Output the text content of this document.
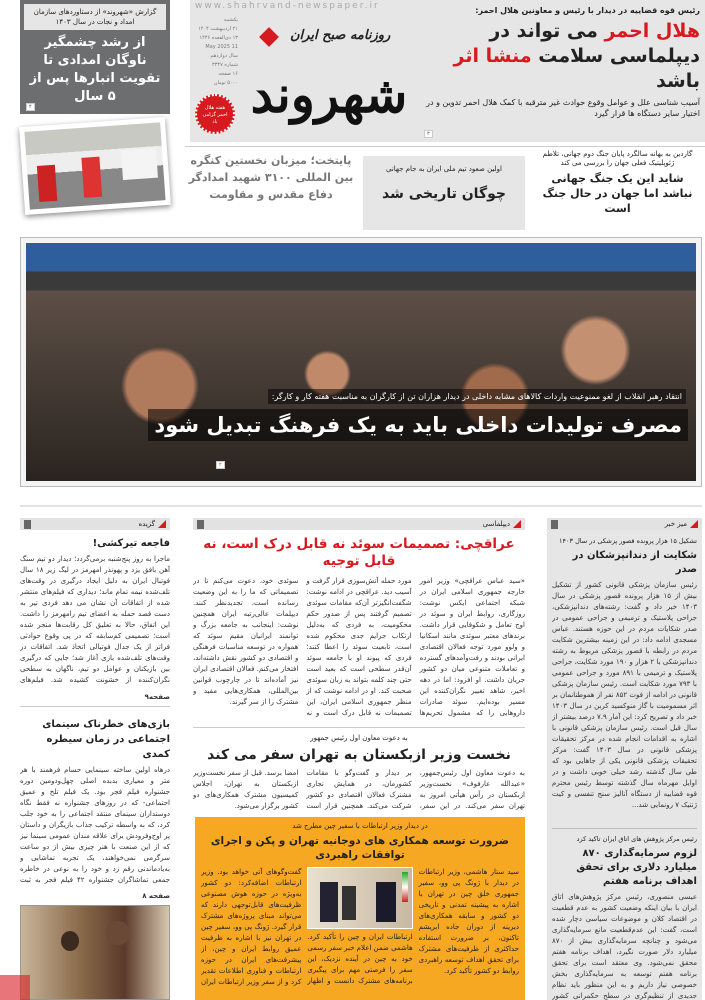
گزارش «شهروند» از دستاوردهای سازمان امداد و نجات در سال ۱۴۰۳
از رشد چشمگیر ناوگان امدادی تا تقویت انبارها پس از ۵ سال
۴
www.shahrvand-newspaper.ir
روزنامه صبح ایران
شهروند
یکشنبه
۲۱ اردیبهشت ۱۴۰۴
۱۳ ذی‌القعده ۱۴۴۶
11 May 2025
سال دوازدهم
شماره ۳۳۴۷
۱۶ صفحه
۵۰۰۰ تومان
هفته هلال احمر گرامی باد
رئیس قوه قضاییه در دیدار با رئیس و معاونین هلال احمر:
هلال احمر می تواند در
دیپلماسی سلامت منشا اثر باشد
آسیب شناسی علل و عوامل وقوع حوادث غیر مترقبه با کمک هلال احمر تدوین و در اختیار سایر دستگاه ها قرار گیرد
۳
گاردین به بهانه سالگرد پایان جنگ دوم جهانی، تلاطم ژئوپلیتیک فعلی جهان را بررسی می کند
شاید این یک جنگ جهانی نباشد اما جهان در حال جنگ است
اولین صعود تیم ملی ایران به جام جهانی
چوگان تاریخی شد
پایتخت؛ میزبان نخستین کنگره بین المللی ۳۱۰۰ شهید امدادگر دفاع مقدس و مقاومت
انتقاد رهبر انقلاب از لغو ممنوعیت واردات کالاهای مشابه داخلی در دیدار هزاران تن از کارگران به مناسبت هفته کار و کارگر:
مصرف تولیدات داخلی باید به یک فرهنگ تبدیل شود
۲
گزیده
فاجعه تیرکشی!
ماجرا به روز پنج‌شنبه برمی‌گردد؛ دیدار دو تیم سنگ آهن بافق یزد و پهونذر امهرمز در لیگ زیر ۱۸ سال فوتبال ایران به دلیل ایجاد درگیری در وقت‌های تلف‌شده نیمه تمام ماند؛ دیداری که فیلم‌های منتشر شده از اتفاقات آن نشان می دهد فردی تیر به دست قصد حمله به اعضای تیم رامهرمز را داشت. این اتفاق، حالا به تعلیق کل رقابت‌ها منجر شده است؛ تصمیمی کم‌سابقه که در پی وقوع حوادثی فراتر از یک جدال فوتبالی اتخاذ شد. اتفاقات در وقت‌های تلف‌شده بازی آغاز شد؛ جایی که درگیری بین بازیکنان و عوامل دو تیم، ناگهان به سطحی نگران‌کننده از خشونت کشیده شد. فیلم‌های
صفحه۹
بازی‌های خطرناک سینمای اجتماعی در زمان سیطره کمدی
درهاه اولین ساخته سینمایی حسام فرهمند با هر متر و معیاری بدبده اصلی چهل‌ودومین دوره جشنواره فیلم فجر بود. یک فیلم تلخ و عمیق اجتماعی- که در روزهای جشنواره نه فقط نگاه دوستداران سینمای منتقد اجتماعی را به خود جلب کرد، که به واسطه ترکیب جذاب بازیگران و داستان پر اوج‌وفرودش برای علاقه مندان عمومی سینما نیز که از این صنعت با هنر چیزی بیش از دو ساعت سرگرمی نمی‌خواهند، یک تجربه تماشایی و به‌یادماندنی رقم زد و خود را به نوعی در خاطره جمعی تماشاگران جشنواره ۴۲ فیلم فجر به ثبت
صفحه ۸
دیپلماسی
عراقچی: تصمیمات سوئد نه قابل درک است، نه قابل توجیه
«سید عباس عراقچی» وزیر امور خارجه جمهوری اسلامی ایران در شبکه اجتماعی ایکس نوشت: روزگاری، روابط ایران و سوئد در اوج تعامل و شکوفایی قرار داشت. برندهای معتبر سوئدی مانند اسکانیا و ولوو مورد توجه فعالان اقتصادی ایرانی بودند و رفت‌وآمدهای گسترده و تعاملات متنوعی میان دو کشور جریان داشت. او افزود: اما در دهه اخیر، شاهد تغییر نگران‌کننده این مسیر بوده‌ایم. سوئد صادرات داروهایی را که مشمول تحریم‌ها
مورد حمله آتش‌سوزی قرار گرفت و آسیب دید. عراقچی در ادامه نوشت: شگفت‌انگیزتر آن‌که مقامات سوئدی تصمیم گرفتند پس از صدور حکم محکومیت، به فردی که به‌دلیل ارتکاب جرایم جدی محکوم شده است، تابعیت سوئد را اعطا کنند؛ فردی که پیوند او با جامعه سوئد آن‌قدر سطحی است که بعید است حتی چند کلمه بتواند به زبان سوئدی صحبت کند. او در ادامه نوشت که از منظر جمهوری اسلامی ایران، این تصمیمات نه قابل درک است و نه
سوئدی خود، دعوت می‌کنم تا در تصمیماتی که ما را به این وضعیت رسانده است، تجدیدنظر کنند. دیپلمات عالی‌رتبه ایران همچنین نوشت: اینجانب به جامعه بزرگ و توانمند ایرانیان مقیم سوئد که همواره در توسعه مناسبات فرهنگی و اقتصادی دو کشور نقش داشته‌اند، افتخار می‌کنم. فعالان اقتصادی ایران نیز آماده‌اند تا در چارچوب قوانین بین‌المللی، همکاری‌هایی مفید و مشترک را از سر گیرند.
به دعوت معاون اول رئیس جمهور
نخست وزیر ازبکستان به تهران سفر می کند
به دعوت معاون اول رئیس‌جمهور، «عبدالله عارفوف» نخست‌وزیر ازبکستان در رأس هیأتی امروز به تهران سفر می‌کند. در این سفر،
بر دیدار و گفت‌وگو با مقامات کشورمان، در همایش تجاری مشترک فعالان اقتصادی دو کشور شرکت می‌کند. همچنین قرار است
امضا برسد. قبل از سفر نخست‌وزیر ازبکستان به تهران، اجلاس کمیسیون مشترک همکاری‌های دو کشور برگزار می‌شود.
در دیدار وزیر ارتباطات با سفیر چین مطرح شد
ضرورت توسعه همکاری های دوجانبه تهران و پکن و اجرای توافقات راهبردی
سید ستار هاشمی، وزیر ارتباطات در دیدار با ژونگ پی وو، سفیر جمهوری خلق چین در تهران با اشاره به پیشینه تمدنی و تاریخی دو کشور و سابقه همکاری‌های دیرینه از دوران جاده ابریشم تاکنون، بر ضرورت استفاده حداکثری از ظرفیت‌های مشترک برای تحقق اهداف توسعه راهبردی روابط دو کشور تأکید کرد.
ارتباطات ایران و چین را تأکید کرد. هاشمی ضمن اعلام خبر سفر رسمی خود به چین در آینده نزدیک، این سفر را فرصتی مهم برای پیگیری برنامه‌های مشترک دانست و اظهار
گفت‌وگوهای آتی خواهد بود. وزیر ارتباطات اضافه‌کرد: دو کشور به‌ویژه در حوزه هوش مصنوعی ظرفیت‌های قابل‌توجهی دارند که می‌تواند مبنای پروژه‌های مشترک قرار گیرد. ژونگ پی وو، سفیر چین در تهران نیز با اشاره به ظرفیت عمیق روابط ایران و چین، از پیشرفت‌های ایران در حوزه ارتباطات و فناوری اطلاعات تقدیر کرد و از سفر وزیر ارتباطات ایران
میز خبر
تشکیل ۱۵ هزار پرونده قصور پزشکی در سال ۱۴۰۳
شکایت از دندانپزشکان در صدر
رئیس سازمان پزشکی قانونی کشور از تشکیل بیش از ۱۵ هزار پرونده قصور پزشکی در سال ۱۴۰۳ خبر داد و گفت: رشته‌های دندانپزشکی، جراحی پلاستیک و ترمیمی و جراحی عمومی در صدر شکایات مردم در این حوزه هستند. عباس مسجدی ادامه داد: در این زمینه بیشترین شکایت مردم در رابطه با قصور پزشکی مربوط به رشته دندانپزشکی با ۲ هزار و ۱۹۰ مورد شکایت، جراحی پلاستیک و ترمیمی با ۸۹۱ مورد و جراحی عمومی با ۷۹۳ مورد شکایت است. رئیس سازمان پزشکی قانونی در ادامه از فوت ۸۵۲ نفر از هموطنانمان بر اثر مسمومیت با گاز منوکسید کربن در سال ۱۴۰۳ خبر داد و تصریح کرد: این آمار ۷.۹ درصد بیشتر از سال قبل است. رئیس سازمان پزشکی قانونی با اشاره به اقدامات انجام شده در مرکز تحقیقات پزشکی قانونی در سال ۱۴۰۳ گفت: مرکز تحقیقات پزشکی قانونی یکی از جاهایی بود که طی سال گذشته رشد خیلی خوبی داشت و در اوایل مهرماه سال گذشته توسط رئیس محترم قوه قضاییه از دستگاه آنالیز سنج تنفسی و کیت ژنتیک ۷ رونمایی شد...
رئیس مرکز پژوهش های اتاق ایران تاکید کرد
لزوم سرمایه‌گذاری ۸۷۰ میلیارد دلاری برای تحقق اهداف برنامه هفتم
عیسی منصوری، رئیس مرکز پژوهش‌های اتاق ایران با بیان اینکه وضعیت کشور به عدم قطعیت در اقتصاد کلان و موضوعات سیاسی دچار شده است، گفت: این عدم‌قطعیت مانع سرمایه‌گذاری می‌شود و چنانچه سرمایه‌گذاری بیش از ۸۷۰ میلیارد دلار صورت نگیرد، اهداف برنامه هفتم محقق نمی‌شود. وی معتقد است برای تحقق برنامه هفتم توسعه به سرمایه‌گذاری بخش خصوصی نیاز داریم و به این منظور باید نظام جدیدی از تنظیم‌گری در سطح حکمرانی کشور
